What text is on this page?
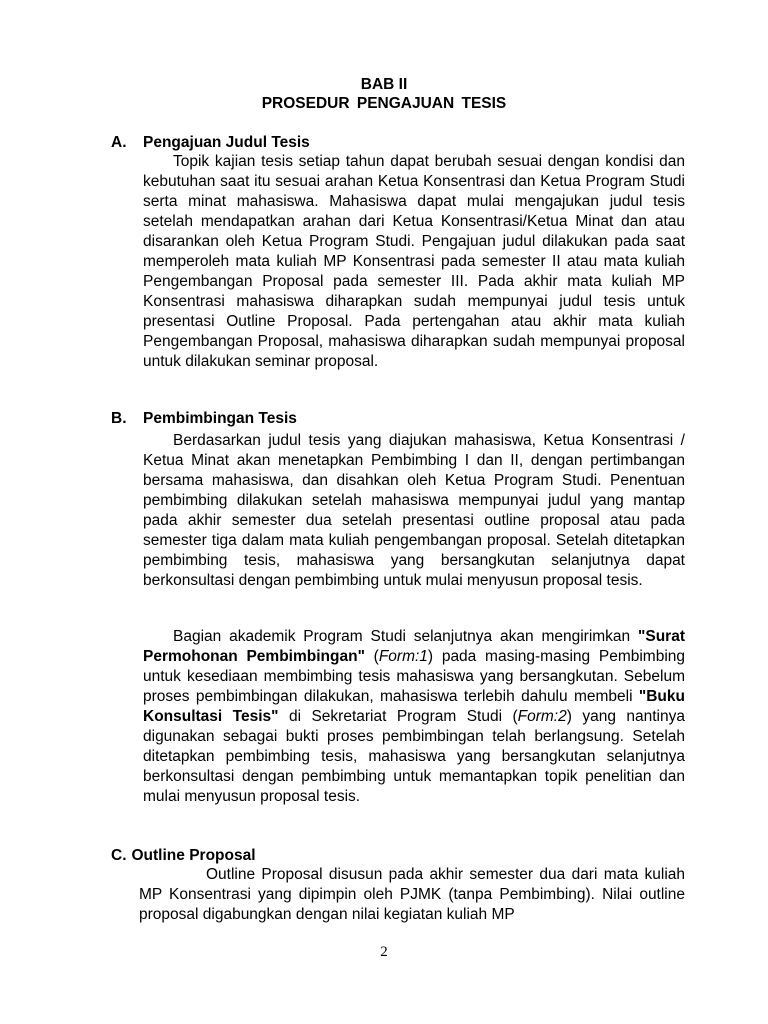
BAB II
PROSEDUR PENGAJUAN TESIS
A. Pengajuan Judul Tesis
Topik kajian tesis setiap tahun dapat berubah sesuai dengan kondisi dan kebutuhan saat itu sesuai arahan Ketua Konsentrasi dan Ketua Program Studi serta minat mahasiswa. Mahasiswa dapat mulai mengajukan judul tesis setelah mendapatkan arahan dari Ketua Konsentrasi/Ketua Minat dan atau disarankan oleh Ketua Program Studi. Pengajuan judul dilakukan pada saat memperoleh mata kuliah MP Konsentrasi pada semester II atau mata kuliah Pengembangan Proposal pada semester III. Pada akhir mata kuliah MP Konsentrasi mahasiswa diharapkan sudah mempunyai judul tesis untuk presentasi Outline Proposal. Pada pertengahan atau akhir mata kuliah Pengembangan Proposal, mahasiswa diharapkan sudah mempunyai proposal untuk dilakukan seminar proposal.
B. Pembimbingan Tesis
Berdasarkan judul tesis yang diajukan mahasiswa, Ketua Konsentrasi / Ketua Minat akan menetapkan Pembimbing I dan II, dengan pertimbangan bersama mahasiswa, dan disahkan oleh Ketua Program Studi. Penentuan pembimbing dilakukan setelah mahasiswa mempunyai judul yang mantap pada akhir semester dua setelah presentasi outline proposal atau pada semester tiga dalam mata kuliah pengembangan proposal. Setelah ditetapkan pembimbing tesis, mahasiswa yang bersangkutan selanjutnya dapat berkonsultasi dengan pembimbing untuk mulai menyusun proposal tesis.
Bagian akademik Program Studi selanjutnya akan mengirimkan "Surat Permohonan Pembimbingan" (Form:1) pada masing-masing Pembimbing untuk kesediaan membimbing tesis mahasiswa yang bersangkutan. Sebelum proses pembimbingan dilakukan, mahasiswa terlebih dahulu membeli "Buku Konsultasi Tesis" di Sekretariat Program Studi (Form:2) yang nantinya digunakan sebagai bukti proses pembimbingan telah berlangsung. Setelah ditetapkan pembimbing tesis, mahasiswa yang bersangkutan selanjutnya berkonsultasi dengan pembimbing untuk memantapkan topik penelitian dan mulai menyusun proposal tesis.
C. Outline Proposal
Outline Proposal disusun pada akhir semester dua dari mata kuliah MP Konsentrasi yang dipimpin oleh PJMK (tanpa Pembimbing). Nilai outline proposal digabungkan dengan nilai kegiatan kuliah MP
2
